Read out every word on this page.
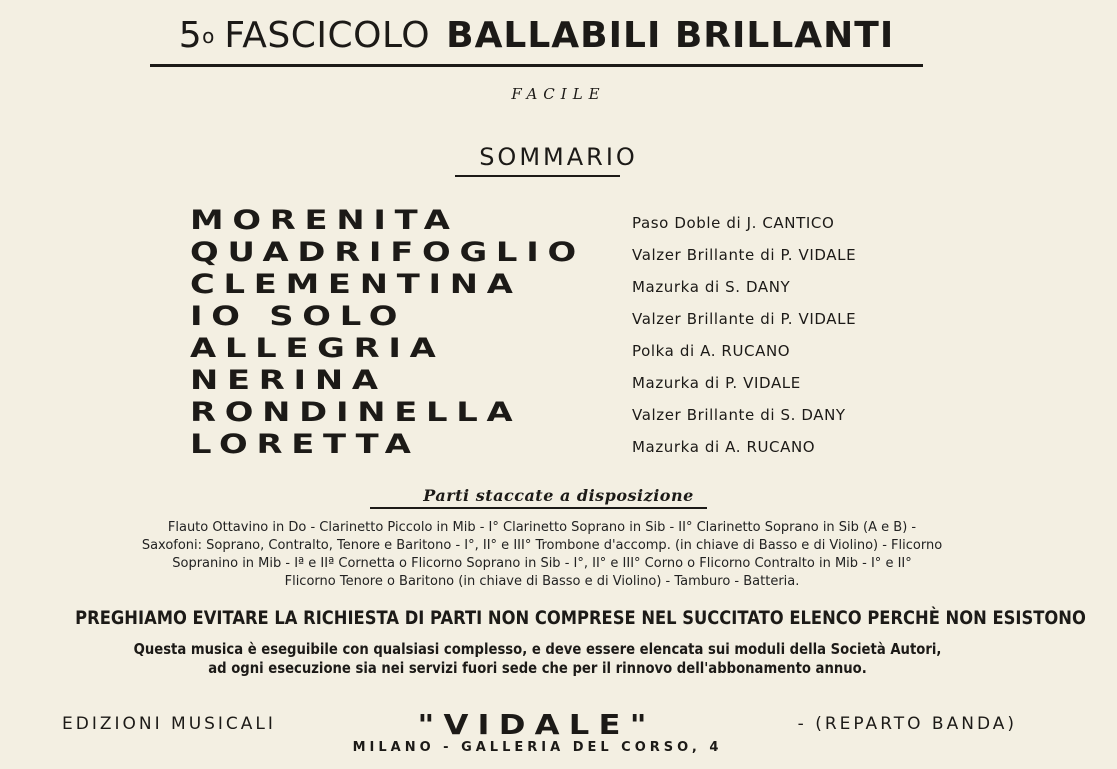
5 o FASCICOLO BALLABILI BRILLANTI
FACILE
SOMMARIO
MORENITA	Paso Doble di J. CANTICO
QUADRIFOGLIO	Valzer Brillante di P. VIDALE
CLEMENTINA	Mazurka di S. DANY
IO SOLO	Valzer Brillante di P. VIDALE
ALLEGRIA	Polka di A. RUCANO
NERINA	Mazurka di P. VIDALE
RONDINELLA	Valzer Brillante di S. DANY
LORETTA	Mazurka di A. RUCANO
Parti staccate a disposizione
Flauto Ottavino in Do - Clarinetto Piccolo in Mib - I° Clarinetto Soprano in Sib - II° Clarinetto Soprano in Sib (A e B) -
Saxofoni: Soprano, Contralto, Tenore e Baritono - I°, II° e III° Trombone d'accomp. (in chiave di Basso e di Violino) - Flicorno
Sopranino in Mib - Iª e IIª Cornetta o Flicorno Soprano in Sib - I°, II° e III° Corno o Flicorno Contralto in Mib - I° e II°
Flicorno Tenore o Baritono (in chiave di Basso e di Violino) - Tamburo - Batteria.
PREGHIAMO EVITARE LA RICHIESTA DI PARTI NON COMPRESE NEL SUCCITATO ELENCO PERCHÈ NON ESISTONO
Questa musica è eseguibile con qualsiasi complesso, e deve essere elencata sui moduli della Società Autori,
ad ogni esecuzione sia nei servizi fuori sede che per il rinnovo dell'abbonamento annuo.
EDIZIONI MUSICALI	"VIDALE"	- (REPARTO BANDA)
MILANO - GALLERIA DEL CORSO, 4
